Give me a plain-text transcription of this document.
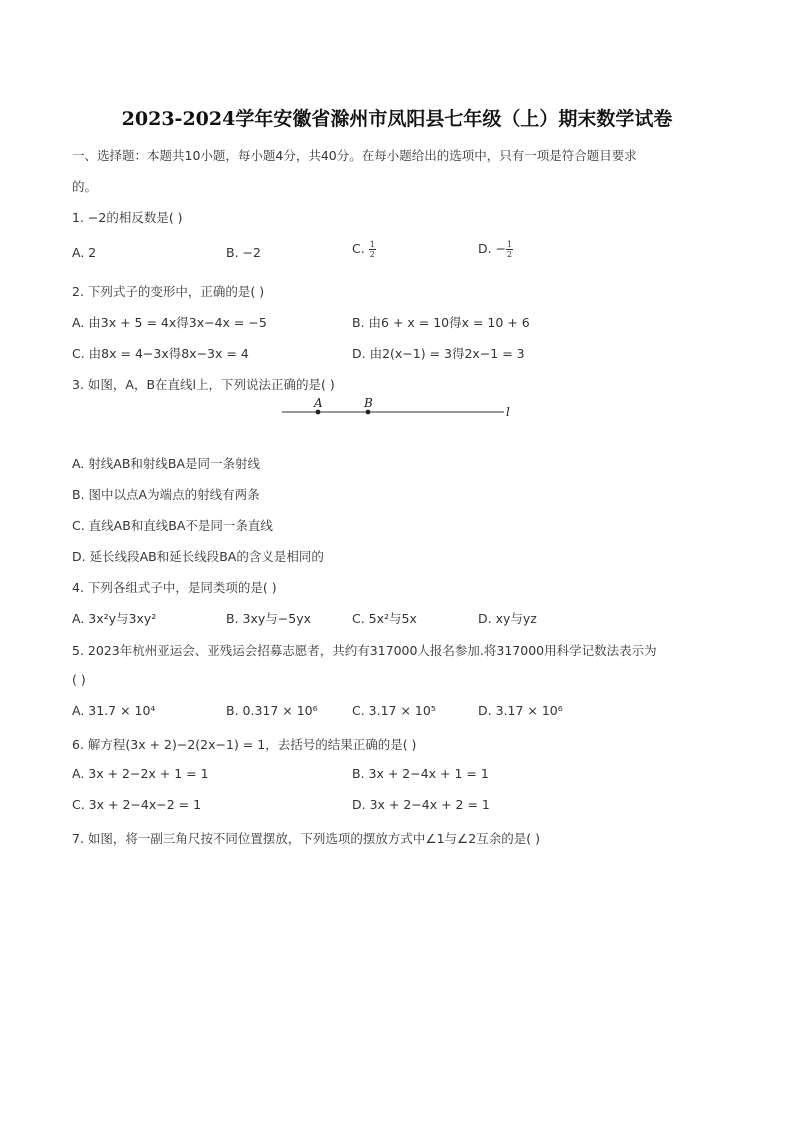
2023-2024学年安徽省滁州市凤阳县七年级（上）期末数学试卷
一、选择题：本题共10小题，每小题4分，共40分。在每小题给出的选项中，只有一项是符合题目要求
的。
1. −2的相反数是( )
A. 2	B. −2	C. $\frac{1}{2}$	D. − $\frac{1}{2}$
2. 下列式子的变形中，正确的是( )
A. 由3x + 5 = 4x得3x−4x = −5	B. 由6 + x = 10得x = 10 + 6
C. 由8x = 4−3x得8x−3x = 4	D. 由2(x−1) = 3得2x−1 = 3
3. 如图，A，B在直线l上，下列说法正确的是( )
A	B
l
A. 射线AB和射线BA是同一条射线
B. 图中以点A为端点的射线有两条
C. 直线AB和直线BA不是同一条直线
D. 延长线段AB和延长线段BA的含义是相同的
4. 下列各组式子中，是同类项的是( )
A. 3x²y与3xy²	B. 3xy与−5yx	C. 5x²与5x	D. xy与yz
5. 2023年杭州亚运会、亚残运会招募志愿者，共约有317000人报名参加.将317000用科学记数法表示为
( )
A. 31.7 × 10⁴	B. 0.317 × 10⁶	C. 3.17 × 10⁵	D. 3.17 × 10⁶
6. 解方程(3x + 2)−2(2x−1) = 1，去括号的结果正确的是( )
A. 3x + 2−2x + 1 = 1	B. 3x + 2−4x + 1 = 1
C. 3x + 2−4x−2 = 1	D. 3x + 2−4x + 2 = 1
7. 如图，将一副三角尺按不同位置摆放，下列选项的摆放方式中∠1与∠2互余的是( )
